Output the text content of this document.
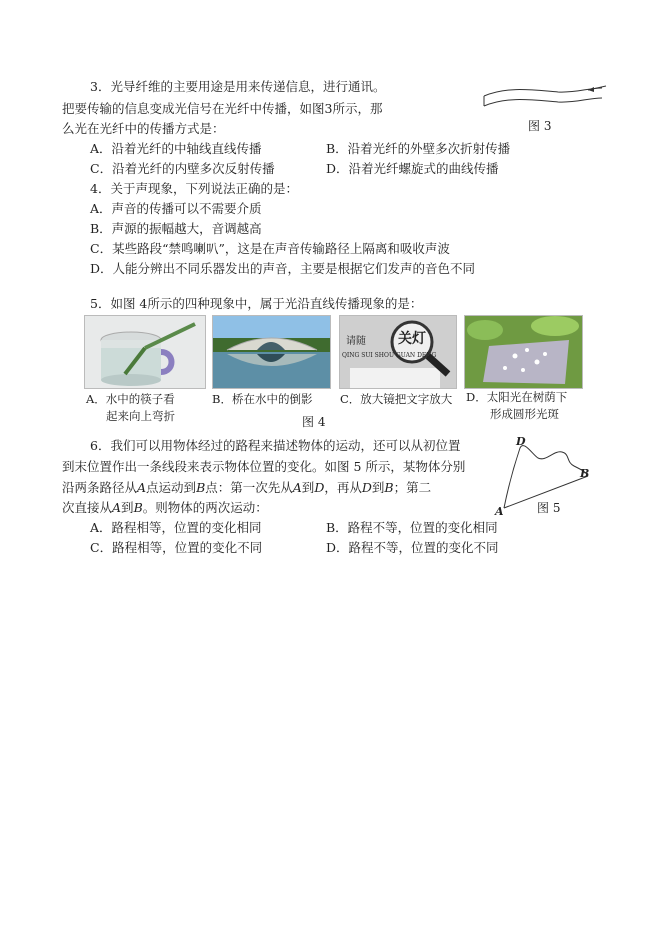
3．光导纤维的主要用途是用来传递信息，进行通讯。
把要传输的信息变成光信号在光纤中传播，如图3所示，那
么光在光纤中的传播方式是：
A．沿着光纤的中轴线直线传播	B．沿着光纤的外壁多次折射传播
C．沿着光纤的内壁多次反射传播	D．沿着光纤螺旋式的曲线传播
图 3
4．关于声现象，下列说法正确的是：
A．声音的传播可以不需要介质
B．声源的振幅越大，音调越高
C．某些路段“禁鸣喇叭”，这是在声音传输路径上隔离和吸收声波
D．人能分辨出不同乐器发出的声音，主要是根据它们发声的音色不同
5．如图 4所示的四种现象中，属于光沿直线传播现象的是：
请随 关灯
QING SUI SHOU GUAN DENG
A．水中的筷子看
起来向上弯折
B．桥在水中的倒影 C．放大镜把文字放大 D．太阳光在树荫下
形成圆形光斑
图 4
6．我们可以用物体经过的路程来描述物体的运动，还可以从初位置
到末位置作出一条线段来表示物体位置的变化。如图 5 所示，某物体分别
沿两条路径从A点运动到B点：第一次先从A到D，再从D到B；第二
次直接从A到B。则物体的两次运动：
A．路程相等，位置的变化相同	B．路程不等，位置的变化相同
C．路程相等，位置的变化不同	D．路程不等，位置的变化不同
D
B
A	图 5
